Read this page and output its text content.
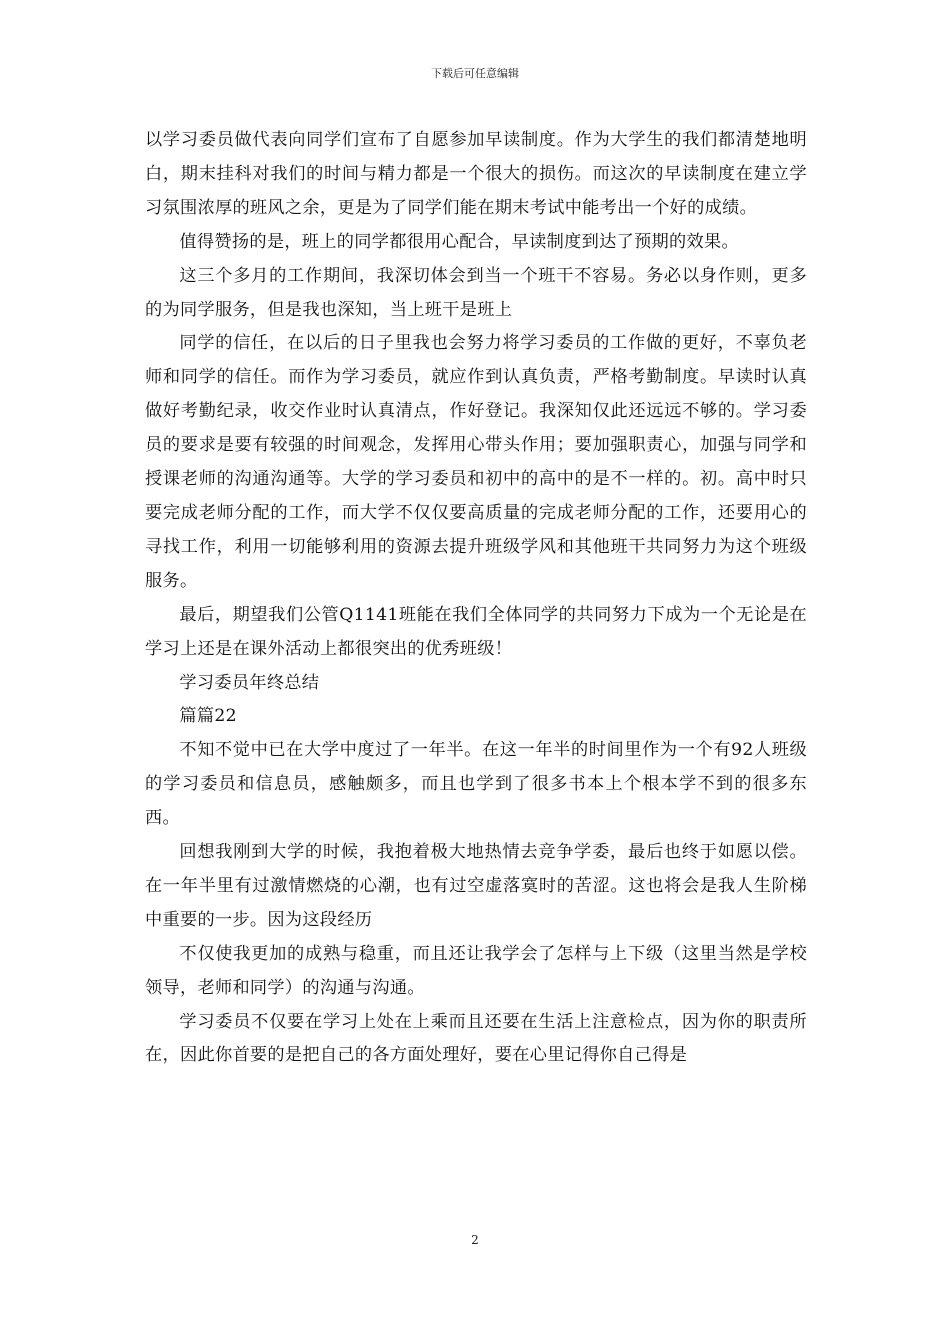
下载后可任意编辑

以学习委员做代表向同学们宣布了自愿参加早读制度。作为大学生的我们都清楚地明白，期末挂科对我们的时间与精力都是一个很大的损伤。而这次的早读制度在建立学习氛围浓厚的班风之余，更是为了同学们能在期末考试中能考出一个好的成绩。

值得赞扬的是，班上的同学都很用心配合，早读制度到达了预期的效果。

这三个多月的工作期间，我深切体会到当一个班干不容易。务必以身作则，更多的为同学服务，但是我也深知，当上班干是班上

同学的信任，在以后的日子里我也会努力将学习委员的工作做的更好，不辜负老师和同学的信任。而作为学习委员，就应作到认真负责，严格考勤制度。早读时认真做好考勤纪录，收交作业时认真清点，作好登记。我深知仅此还远远不够的。学习委员的要求是要有较强的时间观念，发挥用心带头作用；要加强职责心，加强与同学和授课老师的沟通沟通等。大学的学习委员和初中的高中的是不一样的。初。高中时只要完成老师分配的工作，而大学不仅仅要高质量的完成老师分配的工作，还要用心的寻找工作，利用一切能够利用的资源去提升班级学风和其他班干共同努力为这个班级服务。

最后，期望我们公管Q1141班能在我们全体同学的共同努力下成为一个无论是在学习上还是在课外活动上都很突出的优秀班级！

学习委员年终总结

篇篇22

不知不觉中已在大学中度过了一年半。在这一年半的时间里作为一个有92人班级的学习委员和信息员，感触颇多，而且也学到了很多书本上个根本学不到的很多东西。

回想我刚到大学的时候，我抱着极大地热情去竞争学委，最后也终于如愿以偿。在一年半里有过激情燃烧的心潮，也有过空虚落寞时的苦涩。这也将会是我人生阶梯中重要的一步。因为这段经历

不仅使我更加的成熟与稳重，而且还让我学会了怎样与上下级（这里当然是学校领导，老师和同学）的沟通与沟通。

学习委员不仅要在学习上处在上乘而且还要在生活上注意检点，因为你的职责所在，因此你首要的是把自己的各方面处理好，要在心里记得你自己得是

2
